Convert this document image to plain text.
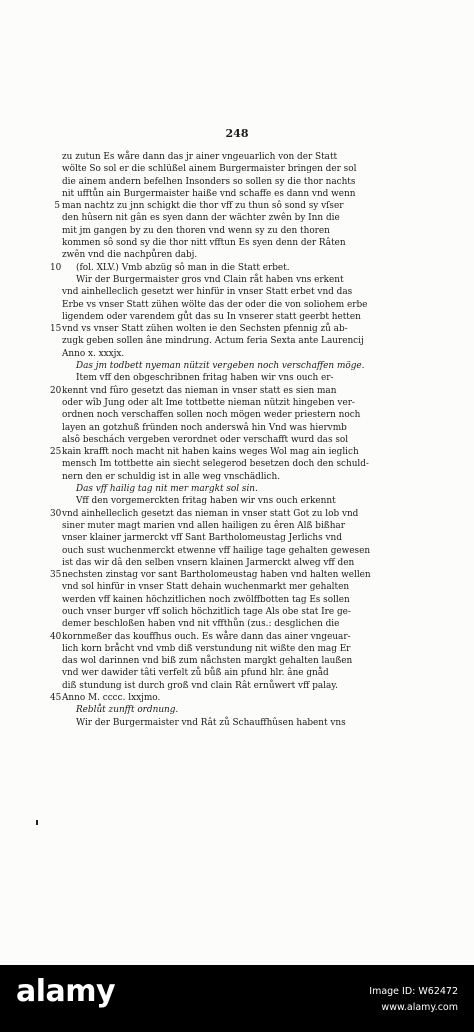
248
zu zutun Es wåre dann das jr ainer vngeuarlich von der Statt
wölte So sol er die schlüßel ainem Burgermaister bringen der sol
die ainem andern befelhen Insonders so sollen sy die thor nachts
nit ufftůn ain Burgermaister haiße vnd schaffe es dann vnd wenn
5 man nachtz zu jnn schigkt die thor vff zu thun sô sond sy vſser
den hûsern nit gân es syen dann der wächter zwên by Inn die
mit jm gangen by zu den thoren vnd wenn sy zu den thoren
kommen sô sond sy die thor nitt vfftun Es syen denn der Râten
zwên vnd die nachpůren dabj.
10 (fol. XLV.) Vmb abzüg sô man in die Statt erbet.
Wir der Burgermaister gros vnd Clain råt haben vns erkent
vnd ainhelleclich gesetzt wer hinfür in vnser Statt erbet vnd das
Erbe vs vnser Statt zühen wölte das der oder die von soliohem erbe
ligendem oder varendem gůt das su In vnserer statt geerbt hetten
15 vnd vs vnser Statt zühen wolten ie den Sechsten pfennig zů ab-
zugk geben sollen âne mindrung. Actum feria Sexta ante Laurencij
Anno x. xxxjx.
Das jm todbett nyeman nützit vergeben noch verschaffen möge.
Item vff den obgeschribnen fritag haben wir vns ouch er-
20 kennt vnd fûro gesetzt das nieman in vnser statt es sien man
oder wîb Jung oder alt Ime tottbette nieman nützit hingeben ver-
ordnen noch verschaffen sollen noch mögen weder priestern noch
layen an gotzhuß fründen noch anderswâ hin Vnd was hiervmb
alsô beschách vergeben verordnet oder verschafft wurd das sol
25 kain krafft noch macht nit haben kains weges Wol mag ain ieglich
mensch Im tottbette ain siecht selegerod besetzen doch den schuld-
nern den er schuldig ist in alle weg vnschädlich.
Das vff hailig tag nit mer margkt sol sin.
Vff den vorgemerckten fritag haben wir vns ouch erkennt
30 vnd ainhelleclich gesetzt das nieman in vnser statt Got zu lob vnd
siner muter magt marien vnd allen hailigen zu êren Alß bißhar
vnser klainer jarmerckt vff Sant Bartholomeustag Jerlichs vnd
ouch sust wuchenmerckt etwenne vff hailige tage gehalten gewesen
ist das wir dâ den selben vnsern klainen Jarmerckt alweg vff den
35 nechsten zinstag vor sant Bartholomeustag haben vnd halten wellen
vnd sol hinfür in vnser Statt dehain wuchenmarkt mer gehalten
werden vff kainen höchzitlichen noch zwölffbotten tag Es sollen
ouch vnser burger vff solich höchzitlich tage Als obe stat Ire ge-
demer beschloßen haben vnd nit vffthůn (zus.: desglichen die
40 kornmeßer das kouffhus ouch. Es wåre dann das ainer vngeuar-
lich korn bråcht vnd vmb diß verstundung nit wißte den mag Er
das wol darinnen vnd biß zum nåchsten margkt gehalten laußen
vnd wer dawider tâti verfelt zů bůß ain pfund hlr. âne gnåd
diß stundung ist durch groß vnd clain Rât ernůwert vff palay.
45 Anno M. cccc. lxxjmo.
Reblůt zunfft ordnung.
Wir der Burgermaister vnd Rât zů Schauffhûsen habent vns
alamy	Image ID: W62472
www.alamy.com
